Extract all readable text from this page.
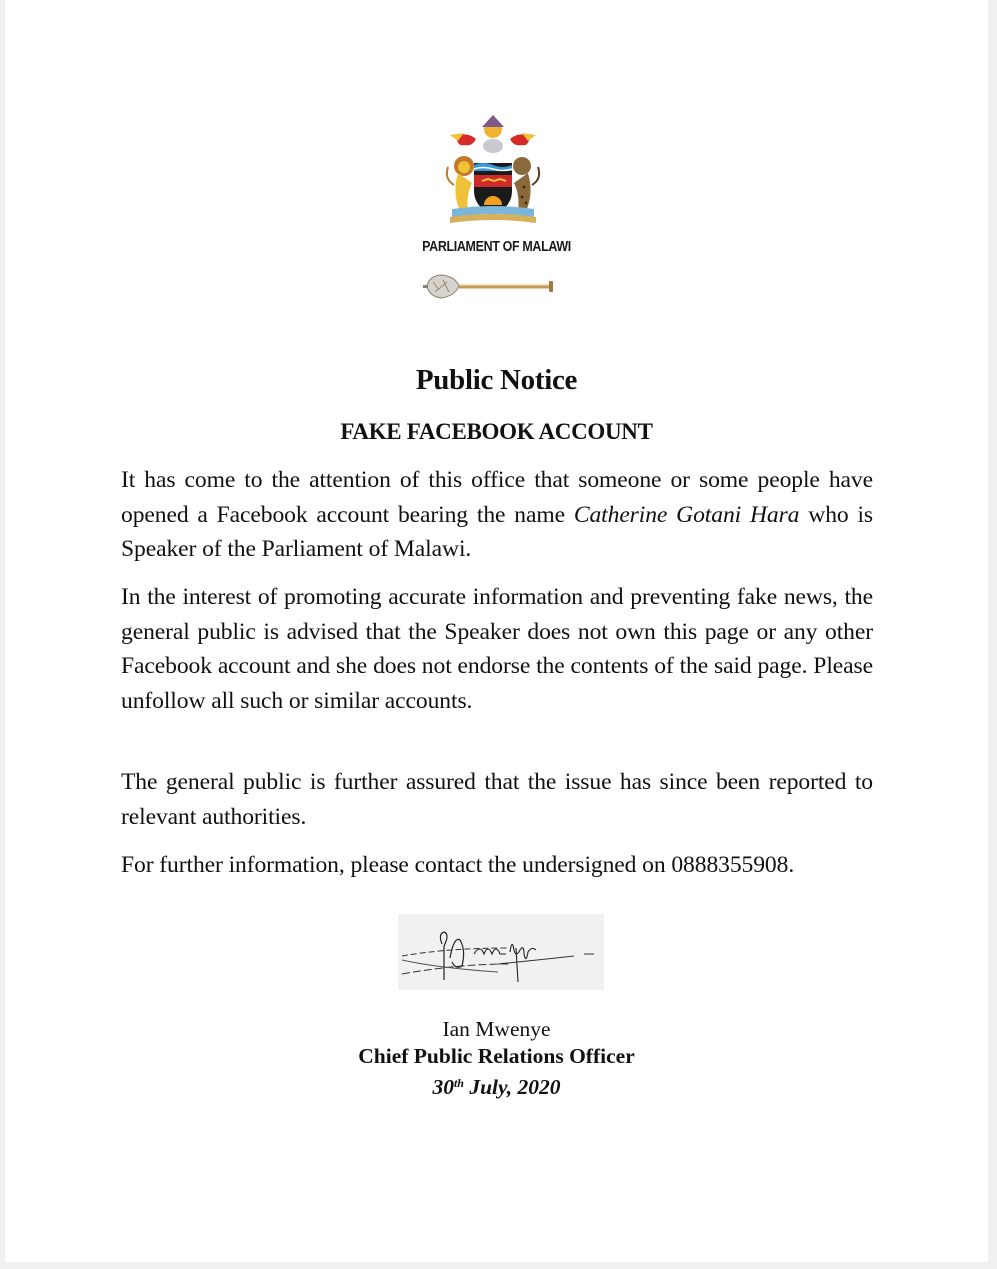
PARLIAMENT OF MALAWI
Public Notice
FAKE FACEBOOK ACCOUNT
It has come to the attention of this office that someone or some people have opened a Facebook account bearing the name Catherine Gotani Hara who is Speaker of the Parliament of Malawi.
In the interest of promoting accurate information and preventing fake news, the general public is advised that the Speaker does not own this page or any other Facebook account and she does not endorse the contents of the said page. Please unfollow all such or similar accounts.
The general public is further assured that the issue has since been reported to relevant authorities.
For further information, please contact the undersigned on 0888355908.
Ian Mwenye
Chief Public Relations Officer
30th July, 2020
